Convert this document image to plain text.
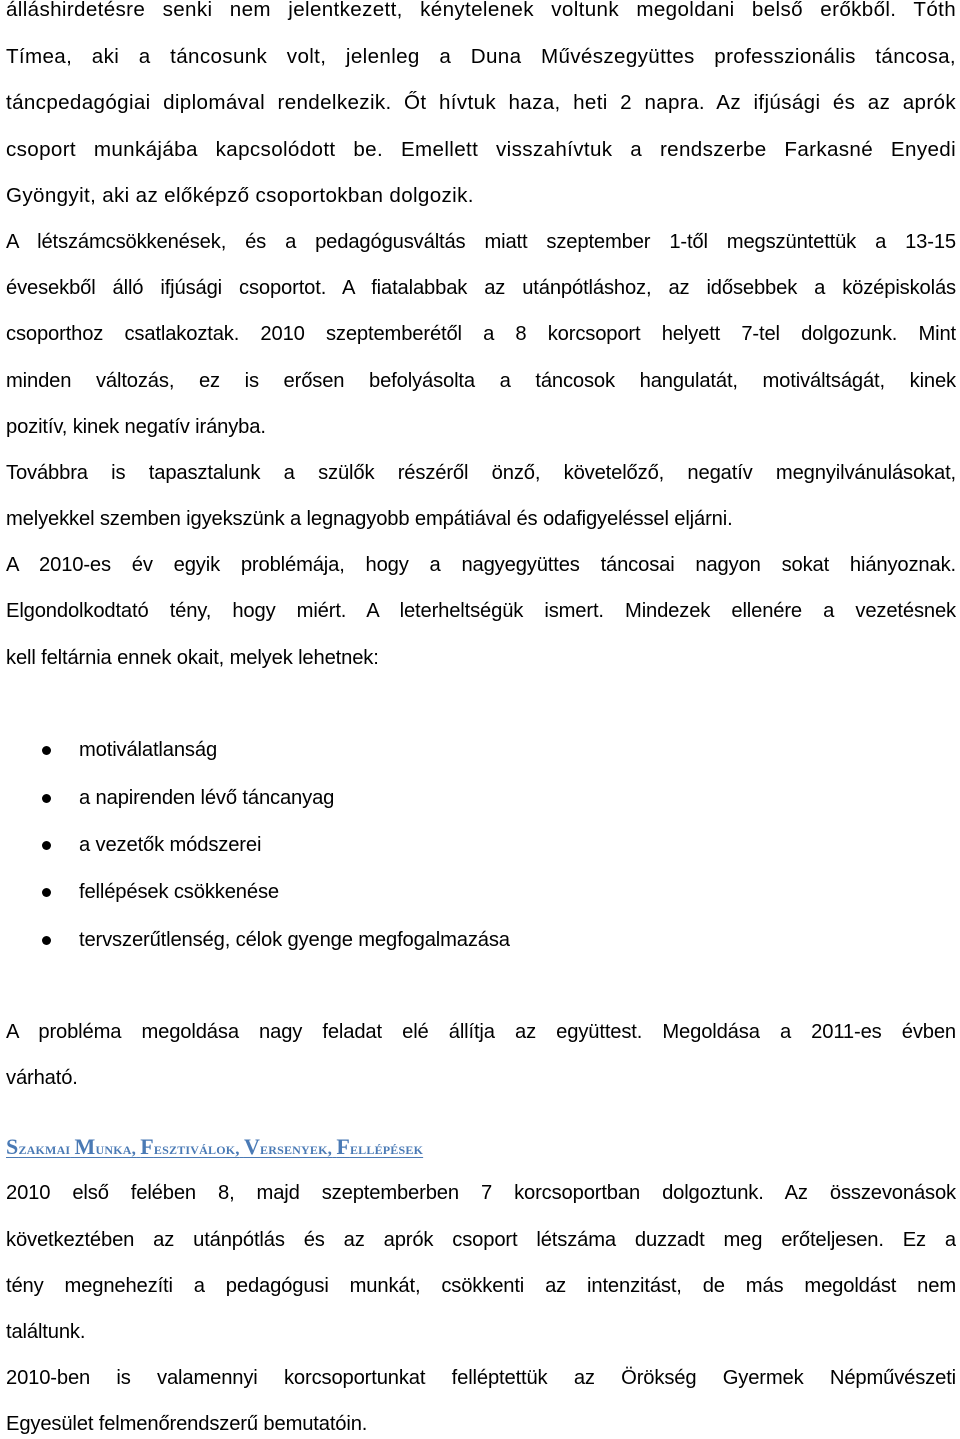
álláshirdetésre senki nem jelentkezett, kénytelenek voltunk megoldani belső erőkből. Tóth
Tímea, aki a táncosunk volt, jelenleg a Duna Művészegyüttes professzionális táncosa,
táncpedagógiai diplomával rendelkezik. Őt hívtuk haza, heti 2 napra. Az ifjúsági és az aprók
csoport munkájába kapcsolódott be. Emellett visszahívtuk a rendszerbe Farkasné Enyedi
Gyöngyit, aki az előképző csoportokban dolgozik.
A létszámcsökkenések, és a pedagógusváltás miatt szeptember 1-től megszüntettük a 13-15
évesekből álló ifjúsági csoportot. A fiatalabbak az utánpótláshoz, az idősebbek a középiskolás
csoporthoz csatlakoztak. 2010 szeptemberétől a 8 korcsoport helyett 7-tel dolgozunk. Mint
minden változás, ez is erősen befolyásolta a táncosok hangulatát, motiváltságát, kinek
pozitív, kinek negatív irányba.
Továbbra is tapasztalunk a szülők részéről önző, követelőző, negatív megnyilvánulásokat,
melyekkel szemben igyekszünk a legnagyobb empátiával és odafigyeléssel eljárni.
A 2010-es év egyik problémája, hogy a nagyegyüttes táncosai nagyon sokat hiányoznak.
Elgondolkodtató tény, hogy miért. A leterheltségük ismert. Mindezek ellenére a vezetésnek
kell feltárnia ennek okait, melyek lehetnek:
motiválatlanság
a napirenden lévő táncanyag
a vezetők módszerei
fellépések csökkenése
tervszerűtlenség, célok gyenge megfogalmazása
A probléma megoldása nagy feladat elé állítja az együttest. Megoldása a 2011-es évben
várható.
Szakmai Munka, Fesztiválok, Versenyek, Fellépések
2010 első felében 8, majd szeptemberben 7 korcsoportban dolgoztunk. Az összevonások
következtében az utánpótlás és az aprók csoport létszáma duzzadt meg erőteljesen. Ez a
tény megnehezíti a pedagógusi munkát, csökkenti az intenzitást, de más megoldást nem
találtunk.
2010-ben is valamennyi korcsoportunkat felléptettük az Örökség Gyermek Népművészeti
Egyesület felmenőrendszerű bemutatóin.
